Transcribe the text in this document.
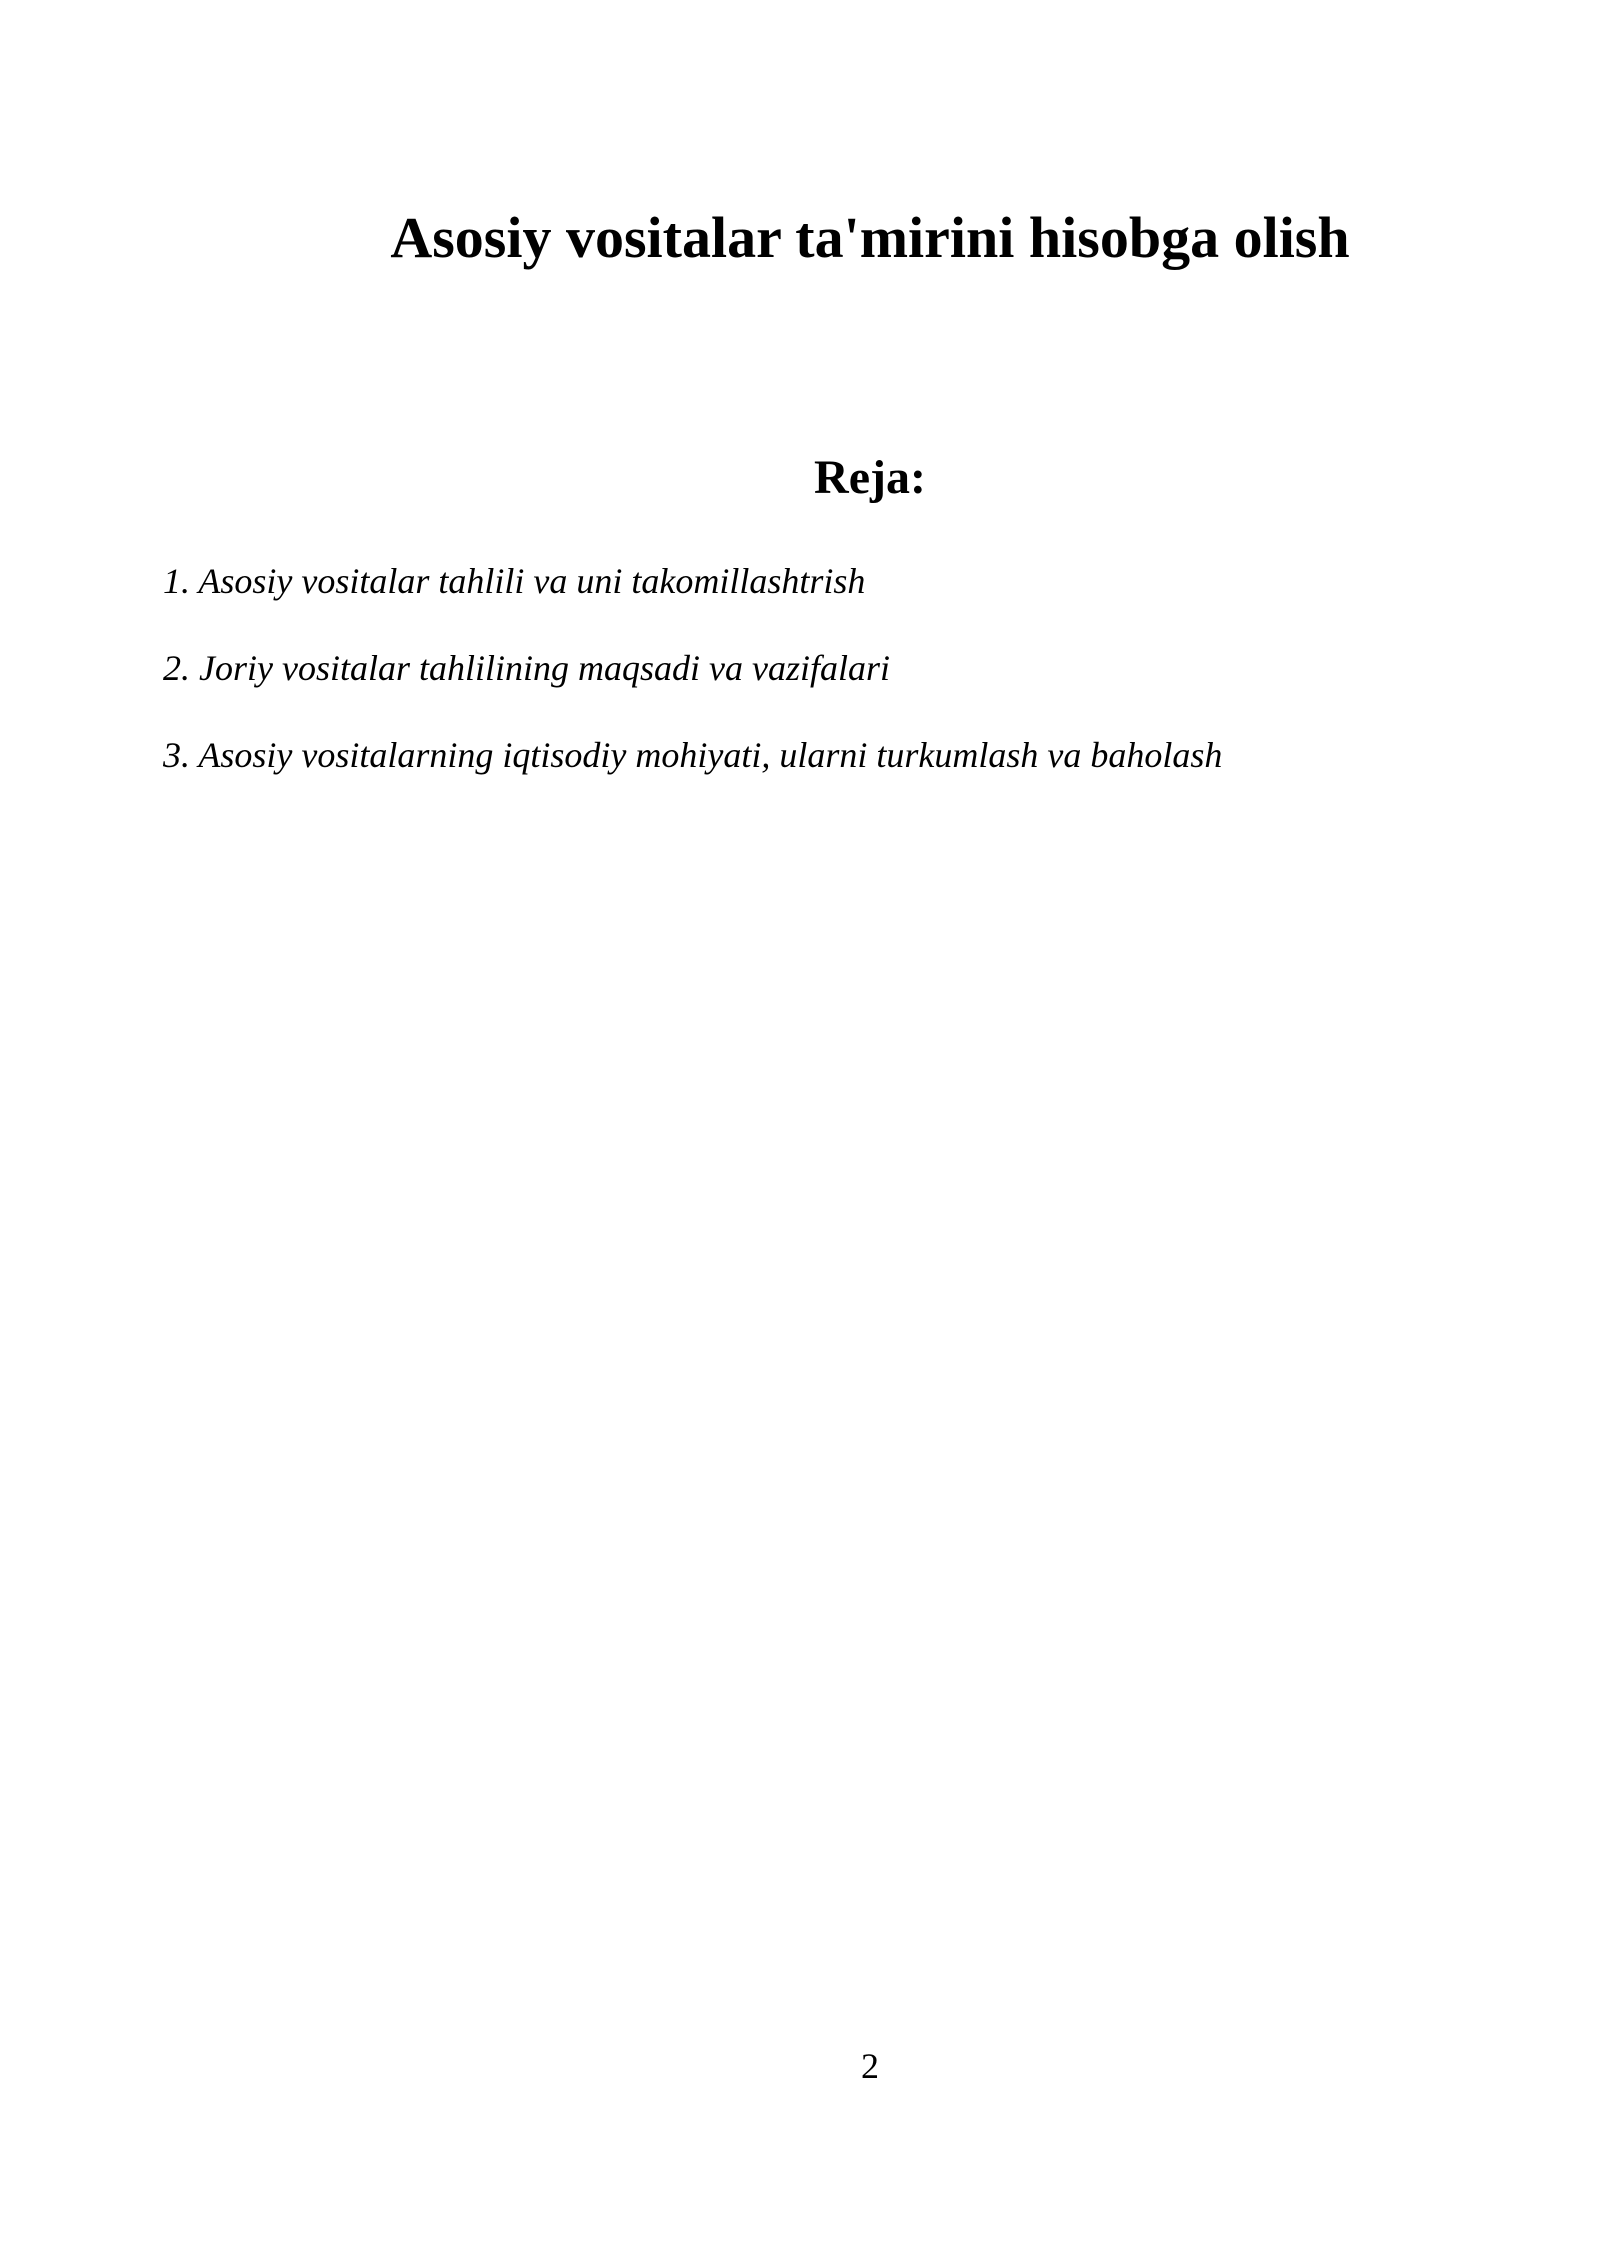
Asosiy vositalar ta'mirini hisobga olish
Reja:
1. Asosiy vositalar tahlili va uni takomillashtrish
2. Joriy vositalar tahlilining maqsadi va vazifalari
3. Asosiy vositalarning iqtisodiy mohiyati, ularni turkumlash va baholash
2
